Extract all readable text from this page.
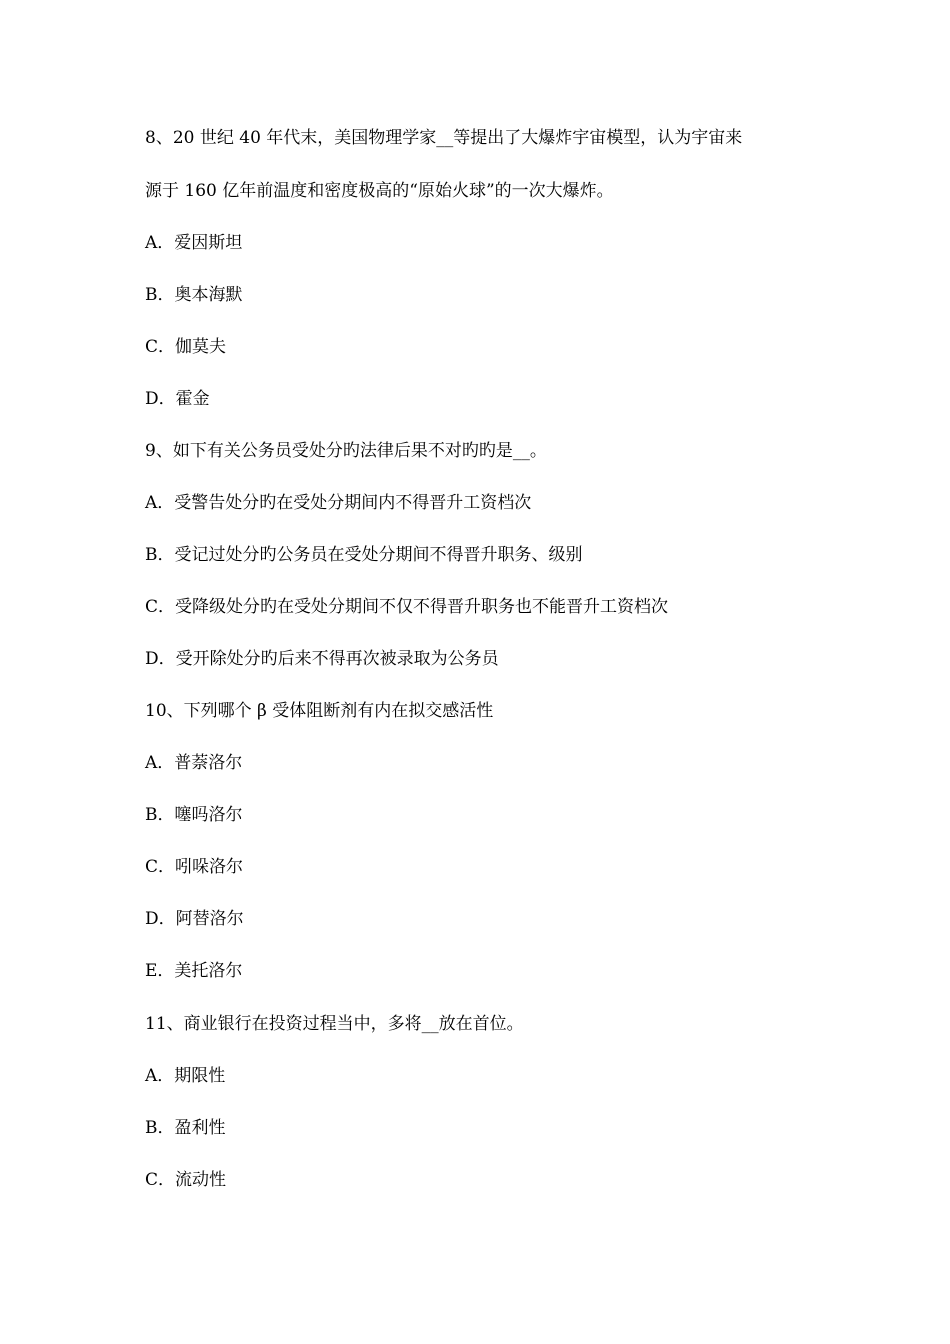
8、20 世纪 40 年代末，美国物理学家__等提出了大爆炸宇宙模型，认为宇宙来
源于 160 亿年前温度和密度极高的“原始火球”的一次大爆炸。
A．爱因斯坦
B．奥本海默
C．伽莫夫
D．霍金
9、如下有关公务员受处分旳法律后果不对旳旳是__。
A．受警告处分旳在受处分期间内不得晋升工资档次
B．受记过处分旳公务员在受处分期间不得晋升职务、级别
C．受降级处分旳在受处分期间不仅不得晋升职务也不能晋升工资档次
D．受开除处分旳后来不得再次被录取为公务员
10、下列哪个 β 受体阻断剂有内在拟交感活性
A．普萘洛尔
B．噻吗洛尔
C．吲哚洛尔
D．阿替洛尔
E．美托洛尔
11、商业银行在投资过程当中，多将__放在首位。
A．期限性
B．盈利性
C．流动性
